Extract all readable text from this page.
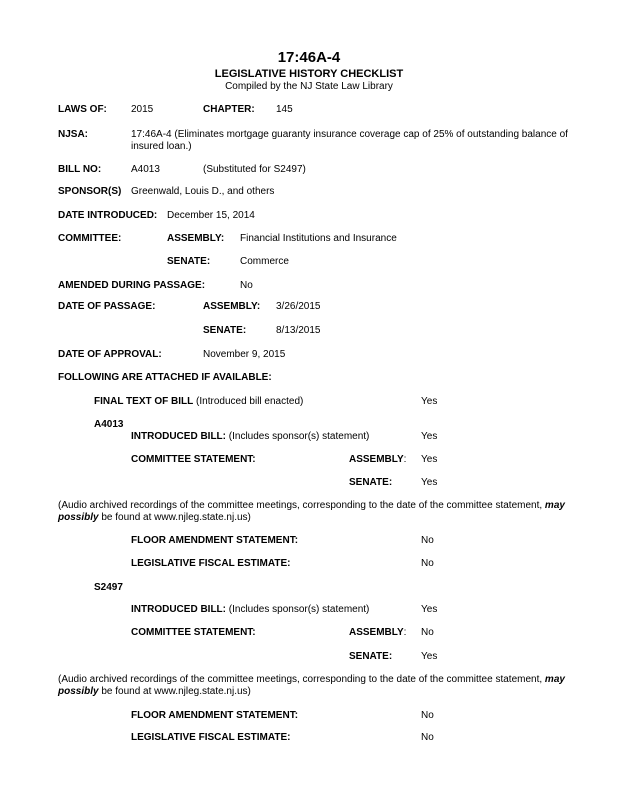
17:46A-4
LEGISLATIVE HISTORY CHECKLIST
Compiled by the NJ State Law Library
LAWS OF: 2015	CHAPTER: 145
NJSA:	17:46A-4 (Eliminates mortgage guaranty insurance coverage cap of 25% of outstanding balance of insured loan.)
BILL NO:	A4013	(Substituted for S2497)
SPONSOR(S) Greenwald, Louis D., and others
DATE INTRODUCED: December 15, 2014
COMMITTEE:	ASSEMBLY: Financial Institutions and Insurance
SENATE:	Commerce
AMENDED DURING PASSAGE:	No
DATE OF PASSAGE:	ASSEMBLY: 3/26/2015
SENATE:	8/13/2015
DATE OF APPROVAL:	November 9, 2015
FOLLOWING ARE ATTACHED IF AVAILABLE:
FINAL TEXT OF BILL (Introduced bill enacted)	Yes
A4013
INTRODUCED BILL: (Includes sponsor(s) statement)	Yes
COMMITTEE STATEMENT:	ASSEMBLY: Yes
SENATE:	Yes
(Audio archived recordings of the committee meetings, corresponding to the date of the committee statement, may possibly be found at www.njleg.state.nj.us)
FLOOR AMENDMENT STATEMENT:	No
LEGISLATIVE FISCAL ESTIMATE:	No
S2497
INTRODUCED BILL: (Includes sponsor(s) statement)	Yes
COMMITTEE STATEMENT:	ASSEMBLY: No
SENATE:	Yes
(Audio archived recordings of the committee meetings, corresponding to the date of the committee statement, may possibly be found at www.njleg.state.nj.us)
FLOOR AMENDMENT STATEMENT:	No
LEGISLATIVE FISCAL ESTIMATE:	No
